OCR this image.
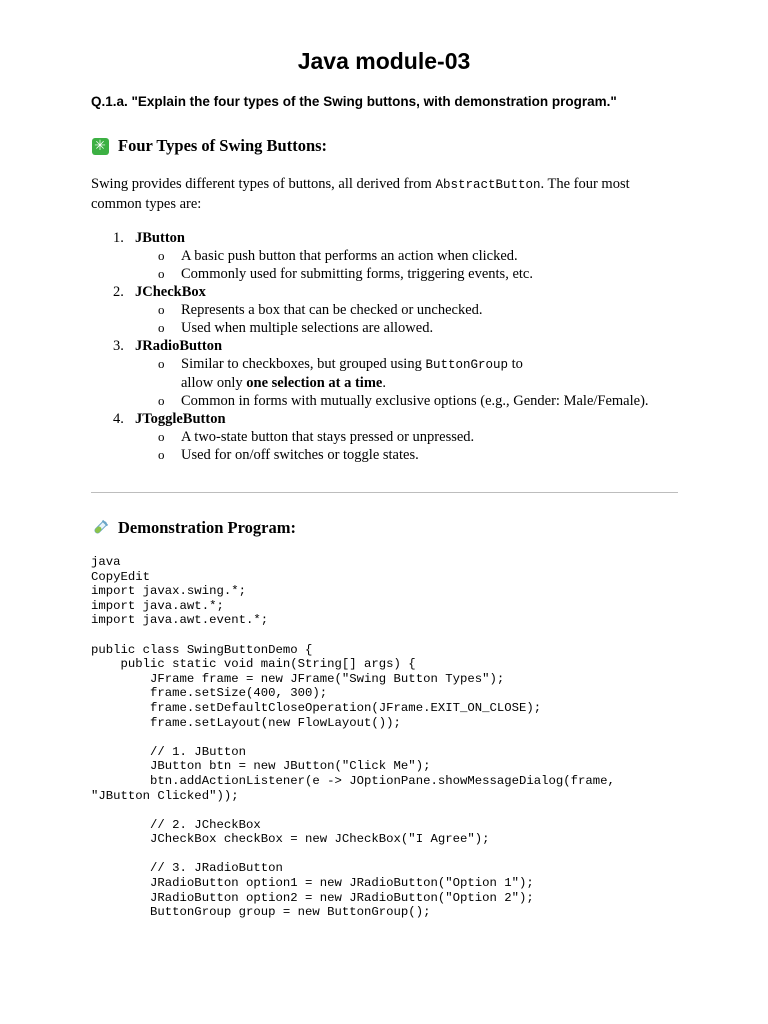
Java module-03
Q.1.a. "Explain the four types of the Swing buttons, with demonstration program."
✳ Four Types of Swing Buttons:
Swing provides different types of buttons, all derived from AbstractButton. The four most common types are:
1. JButton
o A basic push button that performs an action when clicked.
o Commonly used for submitting forms, triggering events, etc.
2. JCheckBox
o Represents a box that can be checked or unchecked.
o Used when multiple selections are allowed.
3. JRadioButton
o Similar to checkboxes, but grouped using ButtonGroup to allow only one selection at a time.
o Common in forms with mutually exclusive options (e.g., Gender: Male/Female).
4. JToggleButton
o A two-state button that stays pressed or unpressed.
o Used for on/off switches or toggle states.
Demonstration Program:
java
CopyEdit
import javax.swing.*;
import java.awt.*;
import java.awt.event.*;
public class SwingButtonDemo {
public static void main(String[] args) {
JFrame frame = new JFrame("Swing Button Types");
frame.setSize(400, 300);
frame.setDefaultCloseOperation(JFrame.EXIT_ON_CLOSE);
frame.setLayout(new FlowLayout());
// 1. JButton
JButton btn = new JButton("Click Me");
btn.addActionListener(e -> JOptionPane.showMessageDialog(frame,
"JButton Clicked"));
// 2. JCheckBox
JCheckBox checkBox = new JCheckBox("I Agree");
// 3. JRadioButton
JRadioButton option1 = new JRadioButton("Option 1");
JRadioButton option2 = new JRadioButton("Option 2");
ButtonGroup group = new ButtonGroup();
